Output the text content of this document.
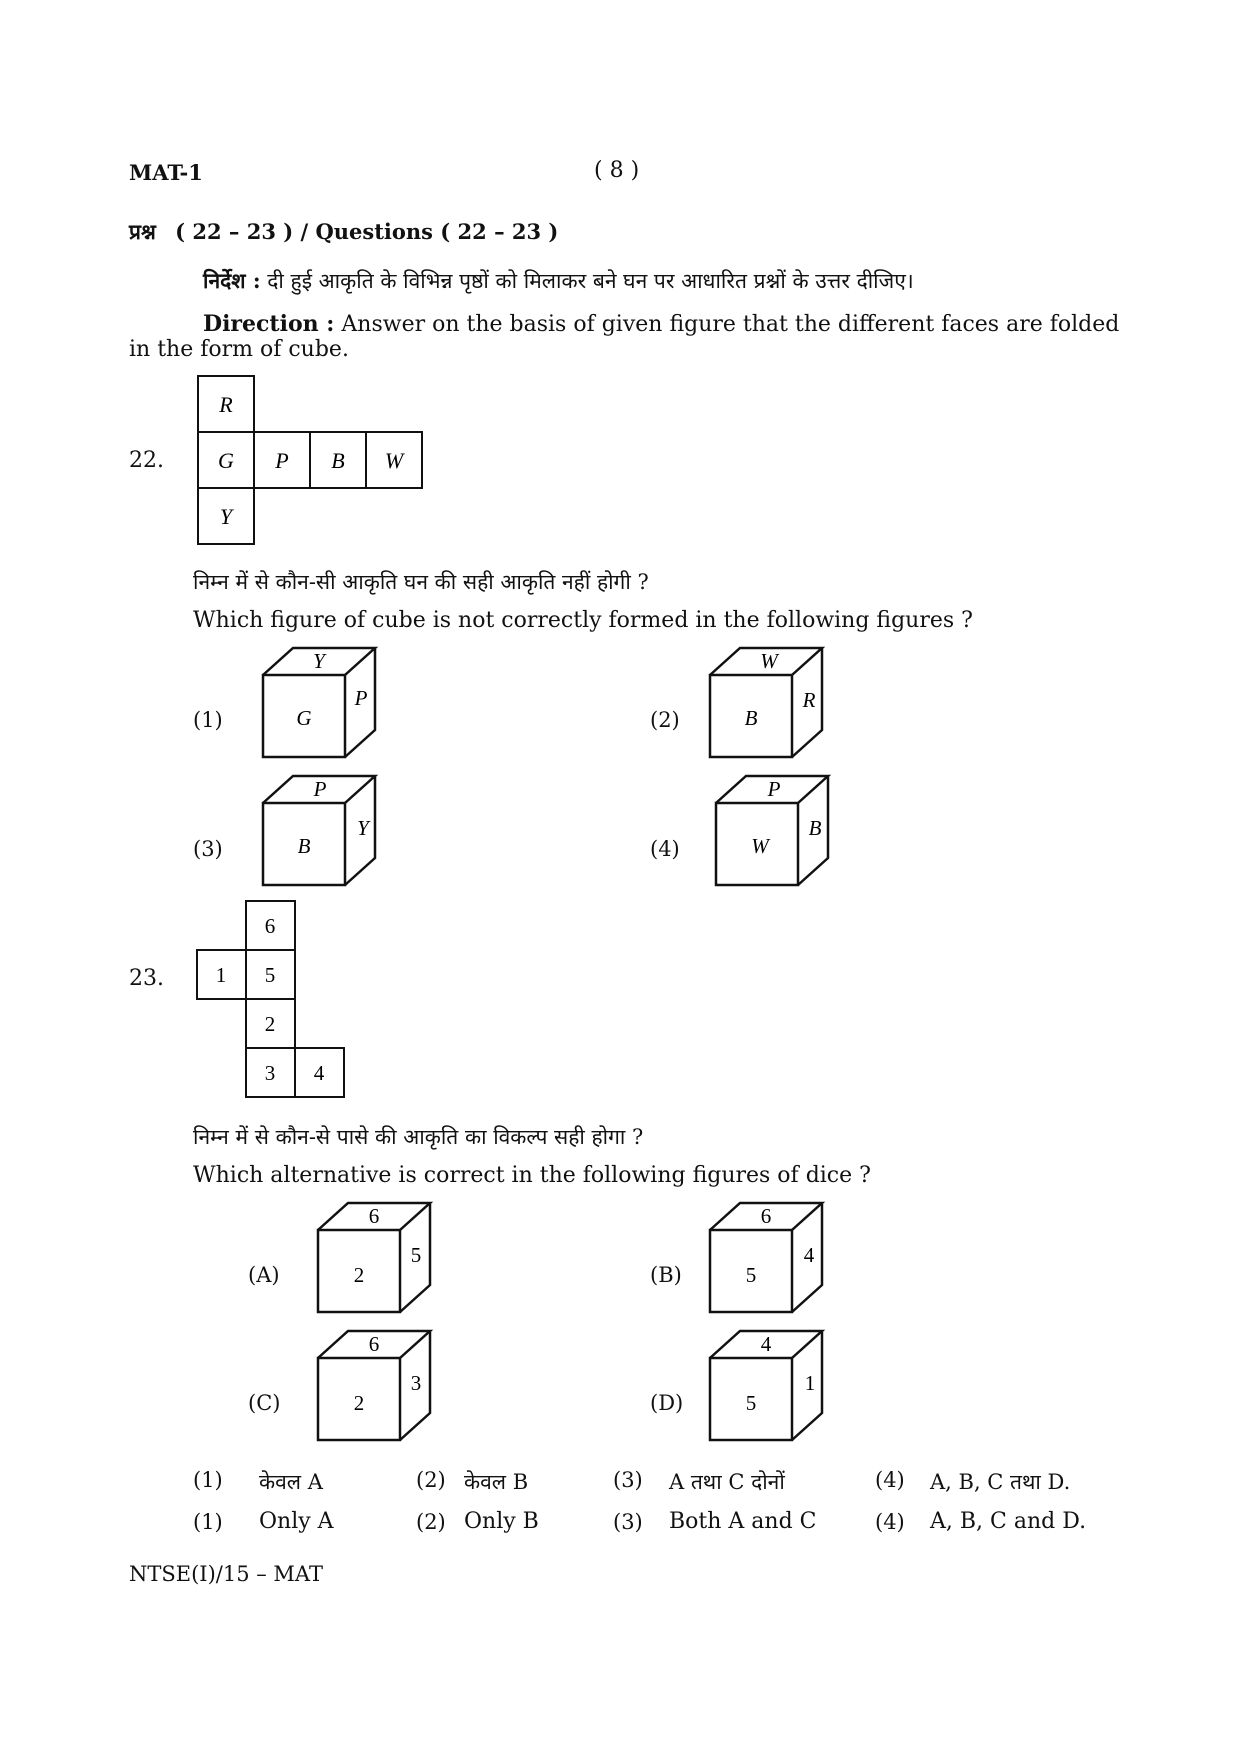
MAT-1	( 8 )
प्रश्न ( 22 – 23 ) / Questions ( 22 – 23 )
निर्देश : दी हुई आकृति के विभिन्न पृष्ठों को मिलाकर बने घन पर आधारित प्रश्नों के उत्तर दीजिए।
Direction : Answer on the basis of given figure that the different faces are folded
in the form of cube.
22.
R
G P B W
Y
निम्न में से कौन-सी आकृति घन की सही आकृति नहीं होगी ?
Which figure of cube is not correctly formed in the following figures ?
(1)
Y
G
P
(2)
W
B
R
(3)
P
B
Y
(4)
P
W
B
23.
6
1 5
2
3 4
निम्न में से कौन-से पासे की आकृति का विकल्प सही होगा ?
Which alternative is correct in the following figures of dice ?
(A)
6
2
5
(B)
6
5
4
(C)
6
2
3
(D)
4
5
1
(1) केवल A	(2) केवल B	(3) A तथा C दोनों	(4) A, B, C तथा D.
(1) Only A	(2) Only B	(3) Both A and C	(4) A, B, C and D.
NTSE(I)/15 – MAT
